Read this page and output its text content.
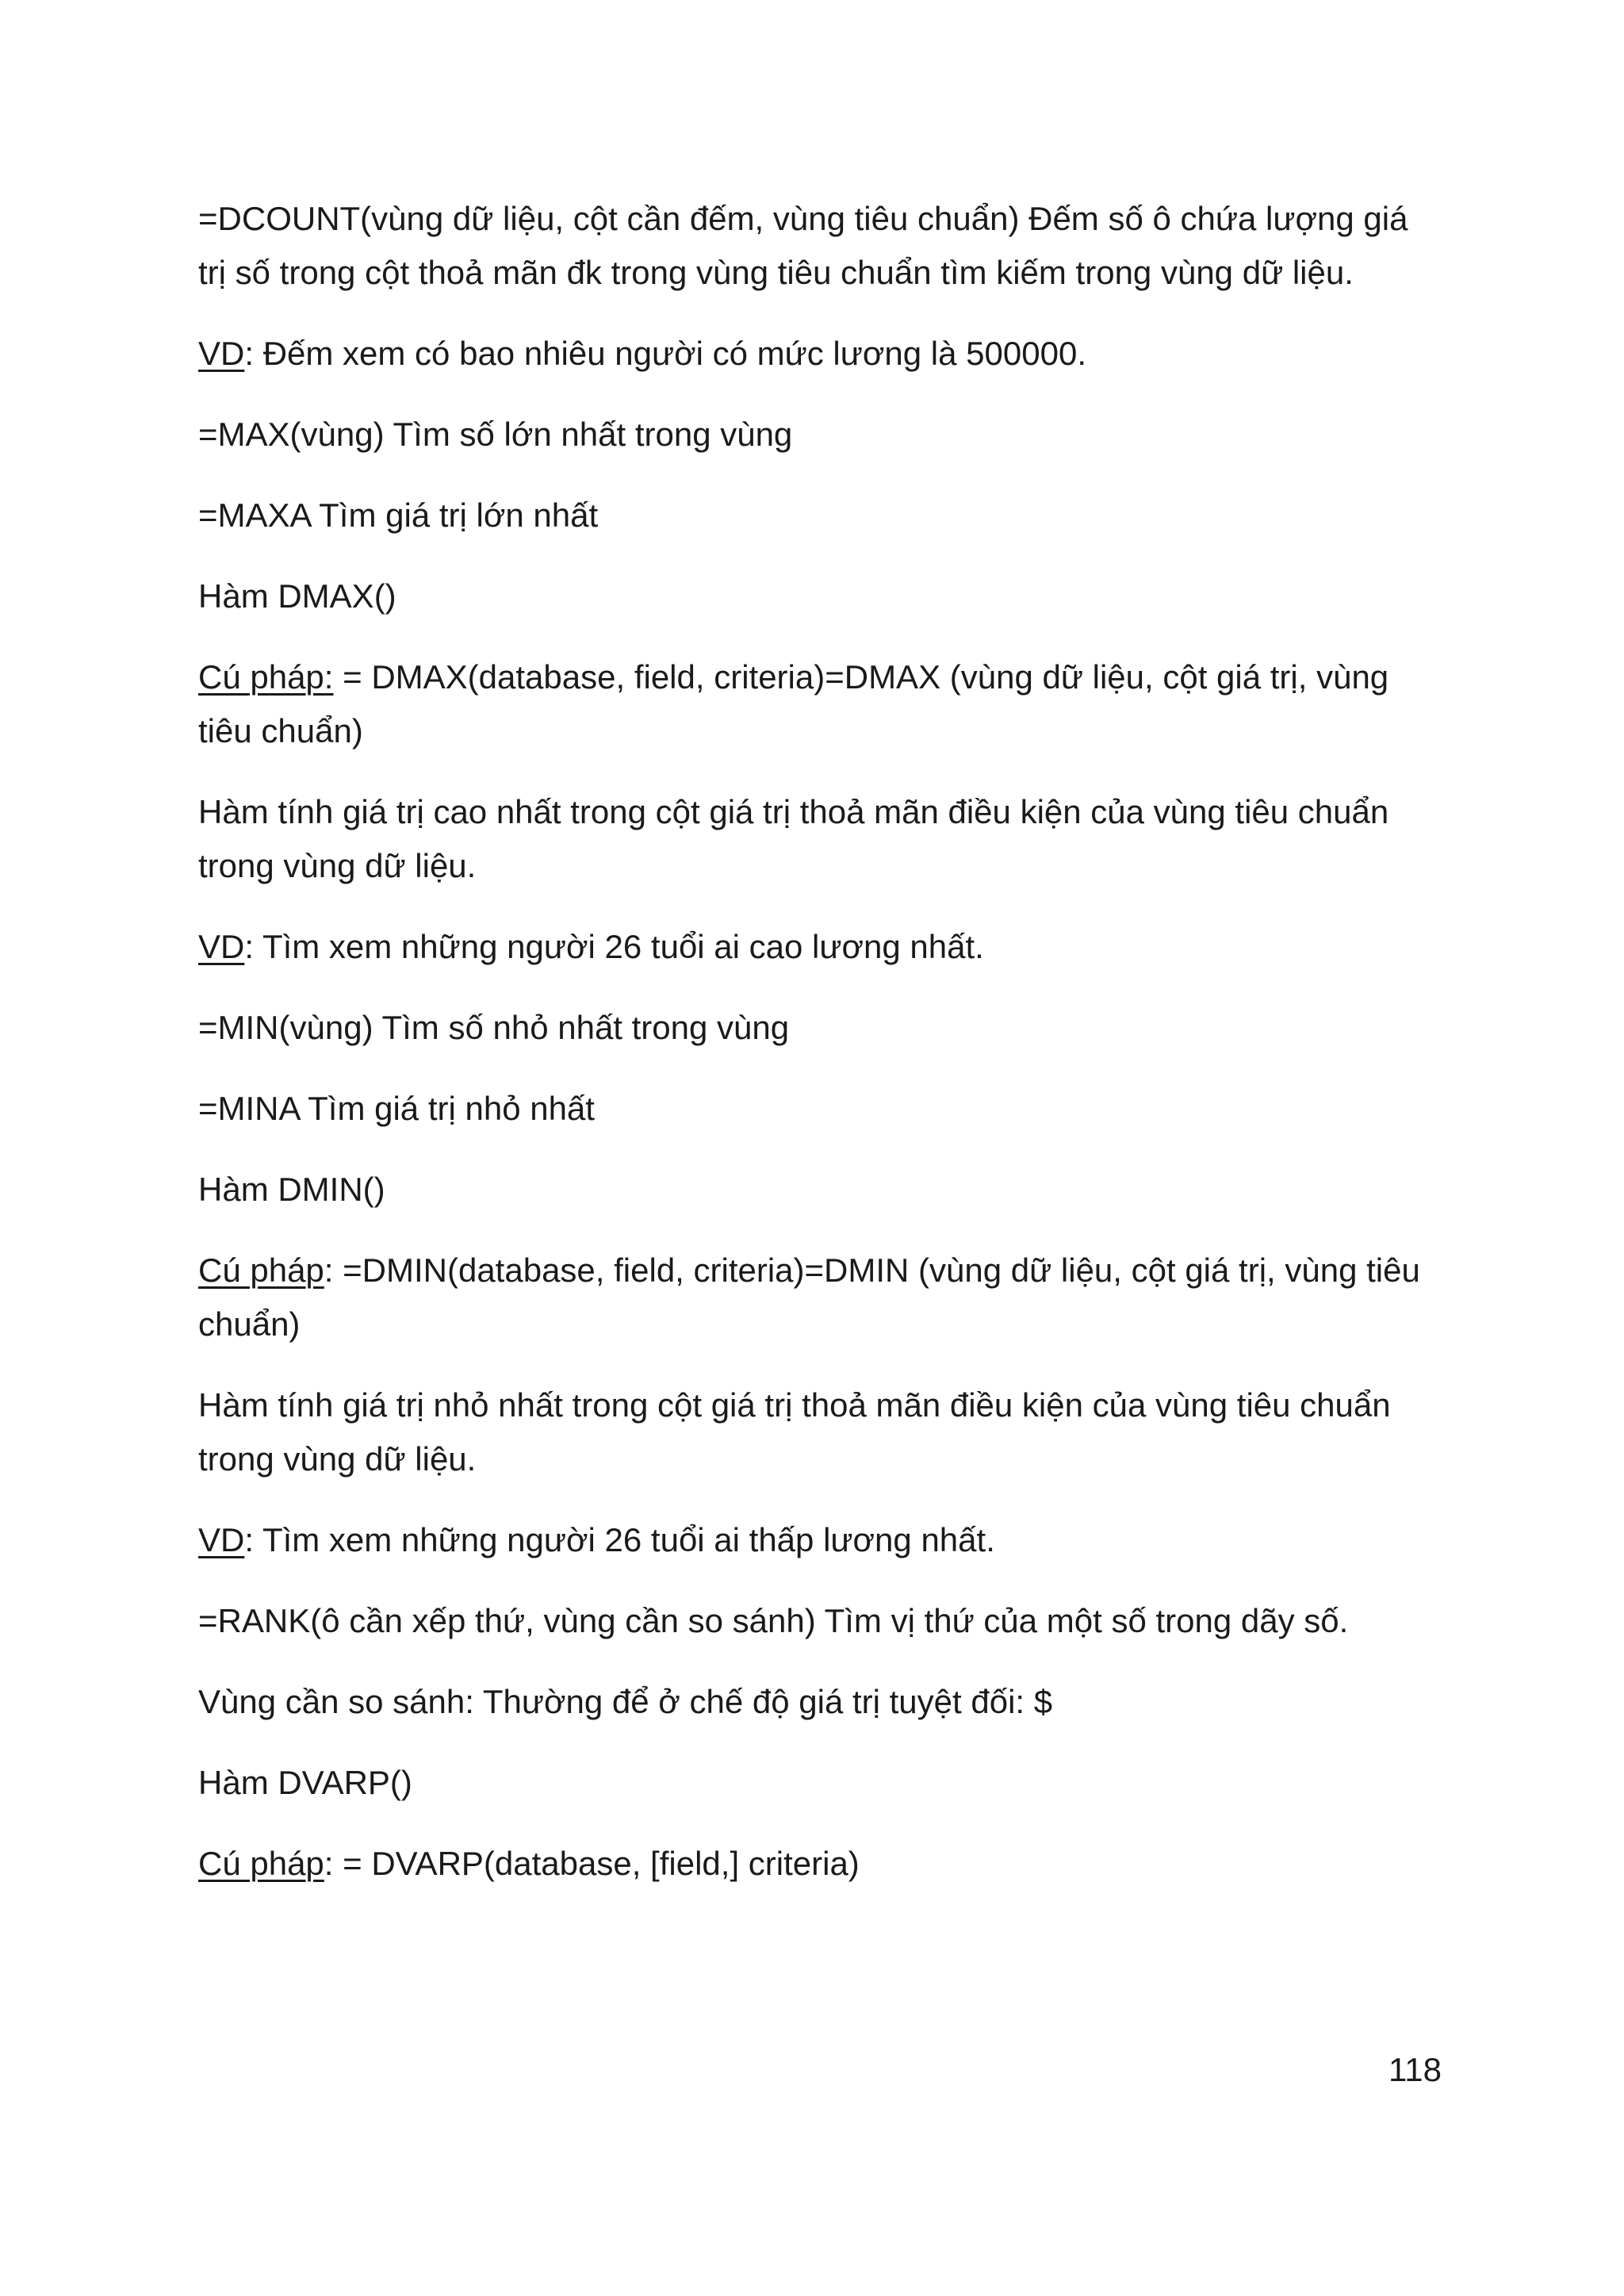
=DCOUNT(vùng dữ liệu, cột cần đếm, vùng tiêu chuẩn) Đếm số ô chứa lượng giá trị số trong cột thoả mãn đk trong vùng tiêu chuẩn tìm kiếm trong vùng dữ liệu.

VD: Đếm xem có bao nhiêu người có mức lương là 500000.

=MAX(vùng) Tìm số lớn nhất trong vùng

=MAXA Tìm giá trị lớn nhất

Hàm DMAX()

Cú pháp: = DMAX(database, field, criteria)=DMAX (vùng dữ liệu, cột giá trị, vùng tiêu chuẩn)

Hàm tính giá trị cao nhất trong cột giá trị thoả mãn điều kiện của vùng tiêu chuẩn trong vùng dữ liệu.

VD: Tìm xem những người 26 tuổi ai cao lương nhất.

=MIN(vùng) Tìm số nhỏ nhất trong vùng

=MINA Tìm giá trị nhỏ nhất

Hàm DMIN()

Cú pháp: =DMIN(database, field, criteria)=DMIN (vùng dữ liệu, cột giá trị, vùng tiêu chuẩn)

Hàm tính giá trị nhỏ nhất trong cột giá trị thoả mãn điều kiện của vùng tiêu chuẩn trong vùng dữ liệu.

VD: Tìm xem những người 26 tuổi ai thấp lương nhất.

=RANK(ô cần xếp thứ, vùng cần so sánh) Tìm vị thứ của một số trong dãy số.

Vùng cần so sánh: Thường để ở chế độ giá trị tuyệt đối: $

Hàm DVARP()

Cú pháp: = DVARP(database, [field,] criteria)

118
